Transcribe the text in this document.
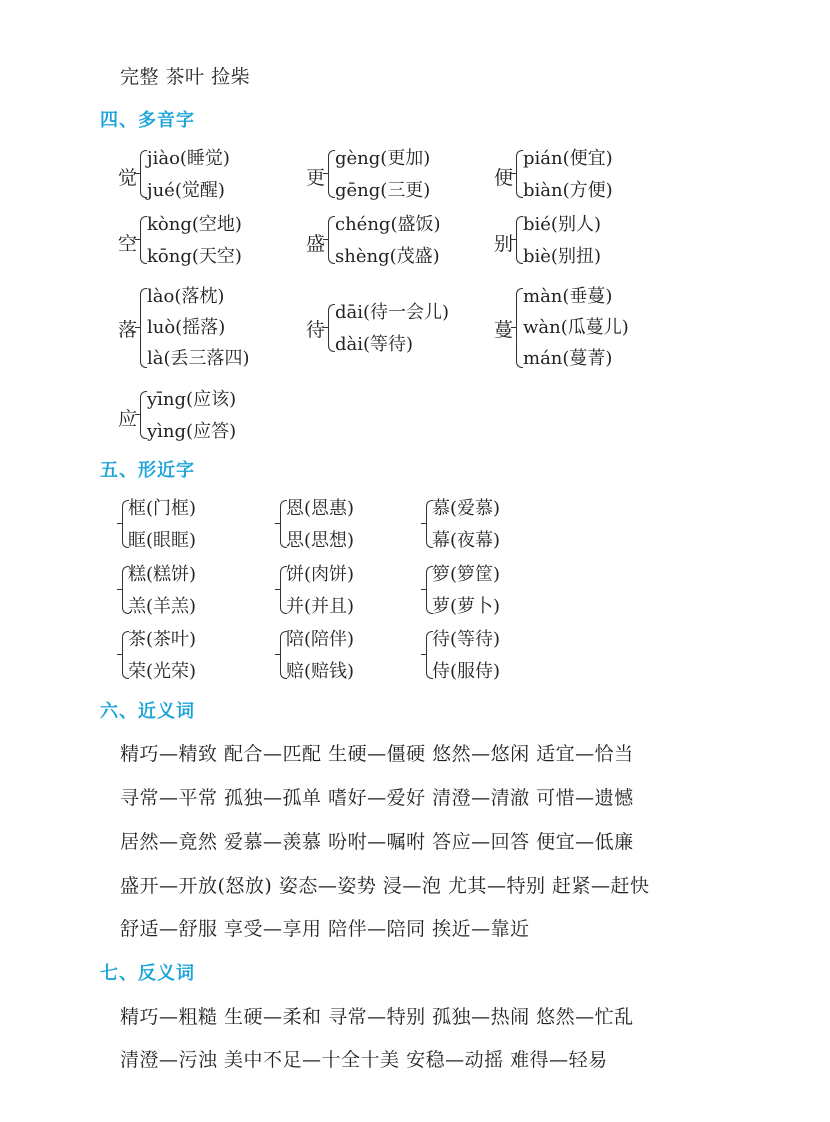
完整 茶叶 捡柴
四、多音字
觉
jiào(睡觉)
jué(觉醒)
更
gèng(更加)
gēng(三更)
便
pián(便宜)
biàn(方便)
空
kòng(空地)
kōng(天空)
盛
chéng(盛饭)
shèng(茂盛)
别
bié(别人)
biè(别扭)
落
lào(落枕)
luò(摇落)
là(丢三落四)
待
dāi(待一会儿)
dài(等待)
蔓
màn(垂蔓)
wàn(瓜蔓儿)
mán(蔓菁)
应
yīng(应该)
yìng(应答)
五、形近字
框(门框)
眶(眼眶)
恩(恩惠)
思(思想)
慕(爱慕)
幕(夜幕)
糕(糕饼)
羔(羊羔)
饼(肉饼)
并(并且)
箩(箩筐)
萝(萝卜)
茶(茶叶)
荣(光荣)
陪(陪伴)
赔(赔钱)
待(等待)
侍(服侍)
六、近义词
精巧—精致 配合—匹配 生硬—僵硬 悠然—悠闲 适宜—恰当
寻常—平常 孤独—孤单 嗜好—爱好 清澄—清澈 可惜—遗憾
居然—竟然 爱慕—羡慕 吩咐—嘱咐 答应—回答 便宜—低廉
盛开—开放(怒放) 姿态—姿势 浸—泡 尤其—特别 赶紧—赶快
舒适—舒服 享受—享用 陪伴—陪同 挨近—靠近
七、反义词
精巧—粗糙 生硬—柔和 寻常—特别 孤独—热闹 悠然—忙乱
清澄—污浊 美中不足—十全十美 安稳—动摇 难得—轻易
